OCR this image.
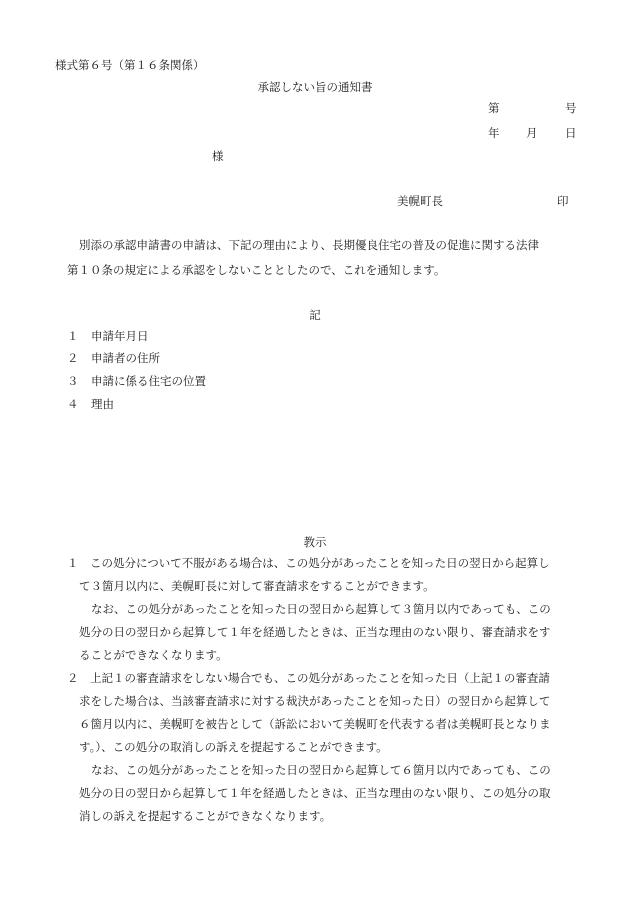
様式第６号（第１６条関係）
承認しない旨の通知書
第	号
年 月 日
様
美幌町長	印
別添の承認申請書の申請は、下記の理由により、長期優良住宅の普及の促進に関する法律
第１０条の規定による承認をしないこととしたので、これを通知します。
記
１ 申請年月日
２ 申請者の住所
３ 申請に係る住宅の位置
４ 理由
教示
１　この処分について不服がある場合は、この処分があったことを知った日の翌日から起算し
て３箇月以内に、美幌町長に対して審査請求をすることができます。
なお、この処分があったことを知った日の翌日から起算して３箇月以内であっても、この
処分の日の翌日から起算して１年を経過したときは、正当な理由のない限り、審査請求をす
ることができなくなります。
２　上記１の審査請求をしない場合でも、この処分があったことを知った日（上記１の審査請
求をした場合は、当該審査請求に対する裁決があったことを知った日）の翌日から起算して
６箇月以内に、美幌町を被告として（訴訟において美幌町を代表する者は美幌町長となりま
す。）、この処分の取消しの訴えを提起することができます。
なお、この処分があったことを知った日の翌日から起算して６箇月以内であっても、この
処分の日の翌日から起算して１年を経過したときは、正当な理由のない限り、この処分の取
消しの訴えを提起することができなくなります。
